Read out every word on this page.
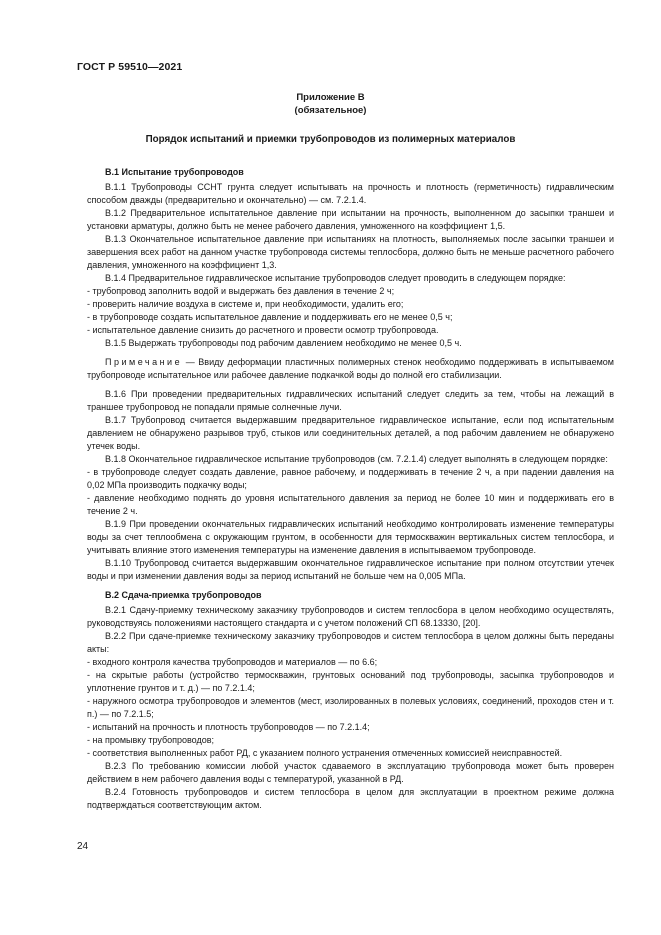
ГОСТ Р 59510—2021
Приложение В
(обязательное)
Порядок испытаний и приемки трубопроводов из полимерных материалов

В.1 Испытание трубопроводов

В.1.1 Трубопроводы ССНТ грунта следует испытывать на прочность и плотность (герметичность) гидравлическим способом дважды (предварительно и окончательно) — см. 7.2.1.4.

В.1.2 Предварительное испытательное давление при испытании на прочность, выполненном до засыпки траншеи и установки арматуры, должно быть не менее рабочего давления, умноженного на коэффициент 1,5.

В.1.3 Окончательное испытательное давление при испытаниях на плотность, выполняемых после засыпки траншеи и завершения всех работ на данном участке трубопровода системы теплосбора, должно быть не меньше расчетного рабочего давления, умноженного на коэффициент 1,3.

В.1.4 Предварительное гидравлическое испытание трубопроводов следует проводить в следующем порядке:

- трубопровод заполнить водой и выдержать без давления в течение 2 ч;

- проверить наличие воздуха в системе и, при необходимости, удалить его;

- в трубопроводе создать испытательное давление и поддерживать его не менее 0,5 ч;

- испытательное давление снизить до расчетного и провести осмотр трубопровода.

В.1.5 Выдержать трубопроводы под рабочим давлением необходимо не менее 0,5 ч.

Примечание — Ввиду деформации пластичных полимерных стенок необходимо поддерживать в испытываемом трубопроводе испытательное или рабочее давление подкачкой воды до полной его стабилизации.

В.1.6 При проведении предварительных гидравлических испытаний следует следить за тем, чтобы на лежащий в траншее трубопровод не попадали прямые солнечные лучи.

В.1.7 Трубопровод считается выдержавшим предварительное гидравлическое испытание, если под испытательным давлением не обнаружено разрывов труб, стыков или соединительных деталей, а под рабочим давлением не обнаружено утечек воды.

В.1.8 Окончательное гидравлическое испытание трубопроводов (см. 7.2.1.4) следует выполнять в следующем порядке:

- в трубопроводе следует создать давление, равное рабочему, и поддерживать в течение 2 ч, а при падении давления на 0,02 МПа производить подкачку воды;

- давление необходимо поднять до уровня испытательного давления за период не более 10 мин и поддерживать его в течение 2 ч.

В.1.9 При проведении окончательных гидравлических испытаний необходимо контролировать изменение температуры воды за счет теплообмена с окружающим грунтом, в особенности для термоскважин вертикальных систем теплосбора, и учитывать влияние этого изменения температуры на изменение давления в испытываемом трубопроводе.

В.1.10 Трубопровод считается выдержавшим окончательное гидравлическое испытание при полном отсутствии утечек воды и при изменении давления воды за период испытаний не больше чем на 0,005 МПа.

В.2 Сдача-приемка трубопроводов

В.2.1 Сдачу-приемку техническому заказчику трубопроводов и систем теплосбора в целом необходимо осуществлять, руководствуясь положениями настоящего стандарта и с учетом положений СП 68.13330, [20].

В.2.2 При сдаче-приемке техническому заказчику трубопроводов и систем теплосбора в целом должны быть переданы акты:

- входного контроля качества трубопроводов и материалов — по 6.6;

- на скрытые работы (устройство термоскважин, грунтовых оснований под трубопроводы, засыпка трубопроводов и уплотнение грунтов и т. д.) — по 7.2.1.4;

- наружного осмотра трубопроводов и элементов (мест, изолированных в полевых условиях, соединений, проходов стен и т. п.) — по 7.2.1.5;

- испытаний на прочность и плотность трубопроводов — по 7.2.1.4;

- на промывку трубопроводов;

- соответствия выполненных работ РД, с указанием полного устранения отмеченных комиссией неисправностей.

В.2.3 По требованию комиссии любой участок сдаваемого в эксплуатацию трубопровода может быть проверен действием в нем рабочего давления воды с температурой, указанной в РД.

В.2.4 Готовность трубопроводов и систем теплосбора в целом для эксплуатации в проектном режиме должна подтверждаться соответствующим актом.

24
